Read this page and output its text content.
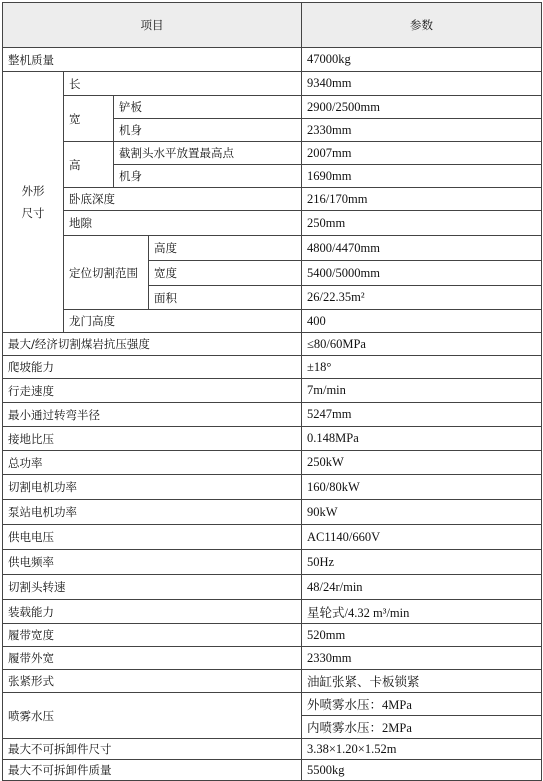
项目				参数
整机质量				47000kg
外形尺寸	长			9340mm
	宽	铲板		2900/2500mm
		机身		2330mm
	高	截割头水平放置最高点		2007mm
		机身		1690mm
	卧底深度			216/170mm
	地隙			250mm
	定位切割范围		高度	4800/4470mm
			宽度	5400/5000mm
			面积	26/22.35m²
	龙门高度			400
最大/经济切割煤岩抗压强度				≤80/60MPa
爬坡能力				±18°
行走速度				7m/min
最小通过转弯半径				5247mm
接地比压				0.148MPa
总功率				250kW
切割电机功率				160/80kW
泵站电机功率				90kW
供电电压				AC1140/660V
供电频率				50Hz
切割头转速				48/24r/min
装载能力				星轮式/4.32 m³/min
履带宽度				520mm
履带外宽				2330mm
张紧形式				油缸张紧、卡板锁紧
喷雾水压				外喷雾水压：4MPa
				内喷雾水压：2MPa
最大不可拆卸件尺寸				3.38×1.20×1.52m
最大不可拆卸件质量				5500kg
